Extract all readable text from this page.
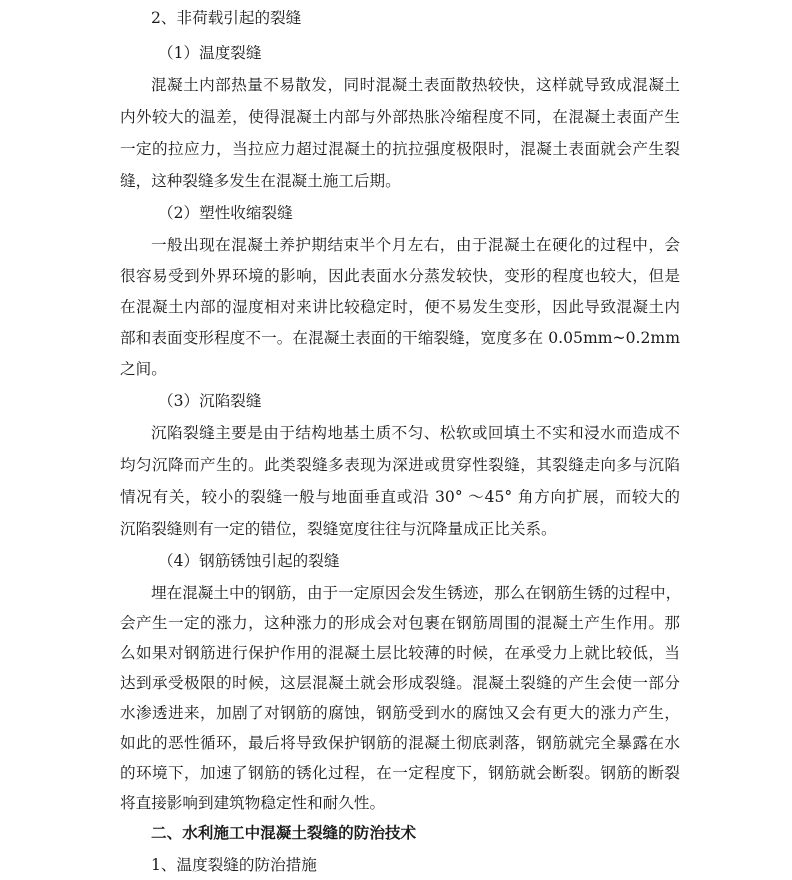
2、非荷载引起的裂缝
（1）温度裂缝
混凝土内部热量不易散发，同时混凝土表面散热较快，这样就导致成混凝土
内外较大的温差，使得混凝土内部与外部热胀冷缩程度不同，在混凝土表面产生
一定的拉应力，当拉应力超过混凝土的抗拉强度极限时，混凝土表面就会产生裂
缝，这种裂缝多发生在混凝土施工后期。
（2）塑性收缩裂缝
一般出现在混凝土养护期结束半个月左右，由于混凝土在硬化的过程中，会
很容易受到外界环境的影响，因此表面水分蒸发较快，变形的程度也较大，但是
在混凝土内部的湿度相对来讲比较稳定时，便不易发生变形，因此导致混凝土内
部和表面变形程度不一。在混凝土表面的干缩裂缝，宽度多在 0.05mm~0.2mm
之间。
（3）沉陷裂缝
沉陷裂缝主要是由于结构地基土质不匀、松软或回填土不实和浸水而造成不
均匀沉降而产生的。此类裂缝多表现为深进或贯穿性裂缝，其裂缝走向多与沉陷
情况有关，较小的裂缝一般与地面垂直或沿 30° ～45° 角方向扩展，而较大的
沉陷裂缝则有一定的错位，裂缝宽度往往与沉降量成正比关系。
（4）钢筋锈蚀引起的裂缝
埋在混凝土中的钢筋，由于一定原因会发生锈迹，那么在钢筋生锈的过程中，
会产生一定的涨力，这种涨力的形成会对包裹在钢筋周围的混凝土产生作用。那
么如果对钢筋进行保护作用的混凝土层比较薄的时候，在承受力上就比较低，当
达到承受极限的时候，这层混凝土就会形成裂缝。混凝土裂缝的产生会使一部分
水渗透进来，加剧了对钢筋的腐蚀，钢筋受到水的腐蚀又会有更大的涨力产生，
如此的恶性循环，最后将导致保护钢筋的混凝土彻底剥落，钢筋就完全暴露在水
的环境下，加速了钢筋的锈化过程，在一定程度下，钢筋就会断裂。钢筋的断裂
将直接影响到建筑物稳定性和耐久性。
二、水利施工中混凝土裂缝的防治技术
1、温度裂缝的防治措施
